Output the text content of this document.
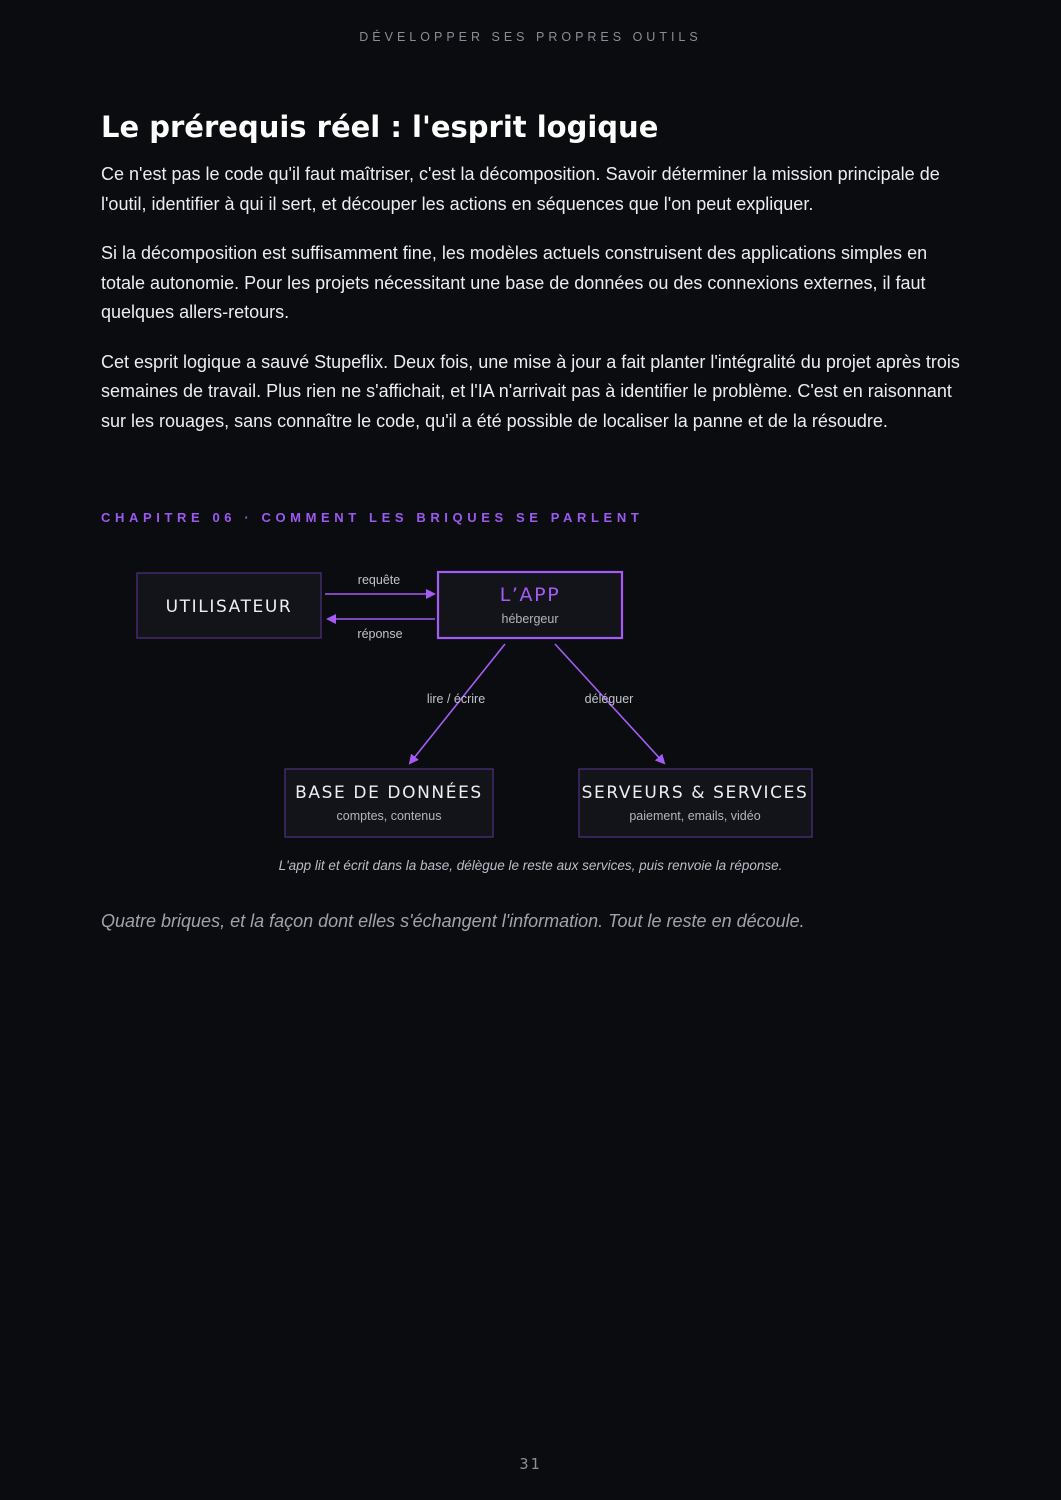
DÉVELOPPER SES PROPRES OUTILS
Le prérequis réel : l'esprit logique

Ce n'est pas le code qu'il faut maîtriser, c'est la décomposition. Savoir déterminer la mission principale de l'outil, identifier à qui il sert, et découper les actions en séquences que l'on peut expliquer.

Si la décomposition est suffisamment fine, les modèles actuels construisent des applications simples en totale autonomie. Pour les projets nécessitant une base de données ou des connexions externes, il faut quelques allers-retours.

Cet esprit logique a sauvé Stupeflix. Deux fois, une mise à jour a fait planter l'intégralité du projet après trois semaines de travail. Plus rien ne s'affichait, et l'IA n'arrivait pas à identifier le problème. C'est en raisonnant sur les rouages, sans connaître le code, qu'il a été possible de localiser la panne et de la résoudre.

CHAPITRE 06 · COMMENT LES BRIQUES SE PARLENT
UTILISATEUR
L’APP
hébergeur
BASE DE DONNÉES
comptes, contenus
SERVEURS & SERVICES
paiement, emails, vidéo
requête
réponse
lire / écrire	déléguer
L'app lit et écrit dans la base, délègue le reste aux services, puis renvoie la réponse.
Quatre briques, et la façon dont elles s'échangent l'information. Tout le reste en découle.
31
